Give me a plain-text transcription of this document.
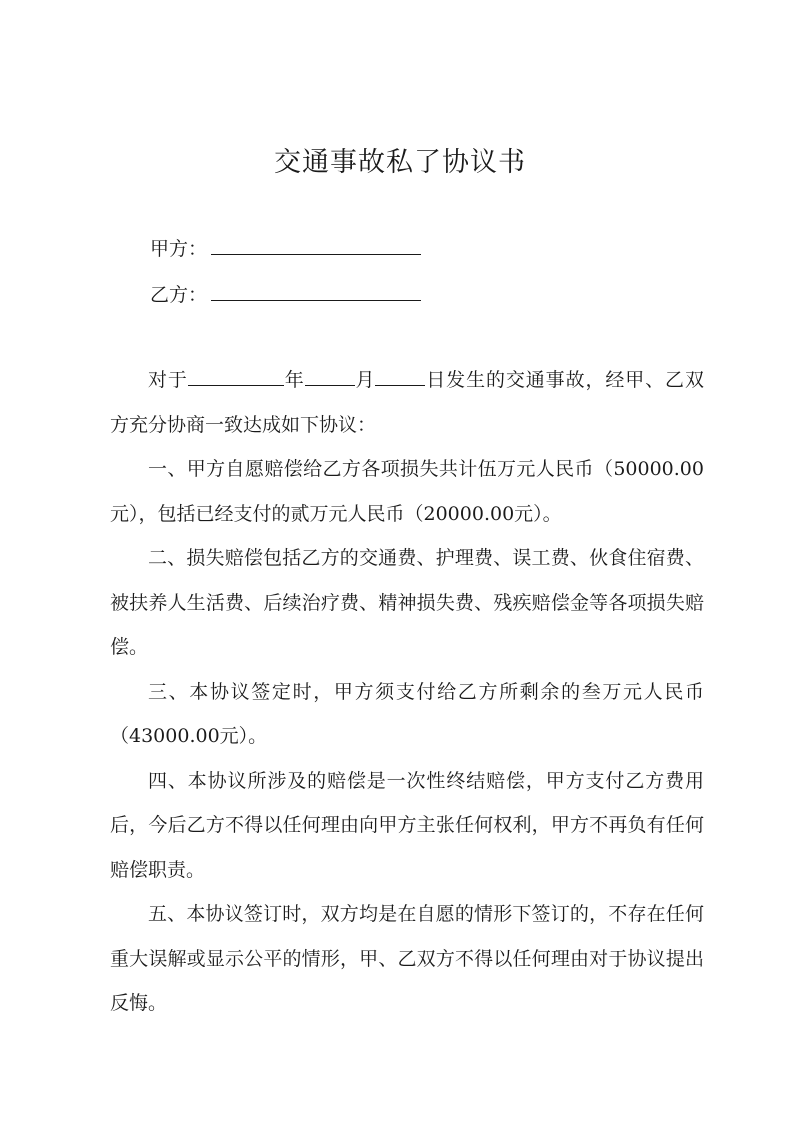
交通事故私了协议书
甲方：
乙方：

对于	年	月	日发生的交通事故，经甲、乙双方充分协商一致达成如下协议：

一、甲方自愿赔偿给乙方各项损失共计伍万元人民币（50000.00元），包括已经支付的贰万元人民币（20000.00元）。

二、损失赔偿包括乙方的交通费、护理费、误工费、伙食住宿费、被扶养人生活费、后续治疗费、精神损失费、残疾赔偿金等各项损失赔偿。

三、本协议签定时，甲方须支付给乙方所剩余的叁万元人民币（43000.00元）。

四、本协议所涉及的赔偿是一次性终结赔偿，甲方支付乙方费用后，今后乙方不得以任何理由向甲方主张任何权利，甲方不再负有任何赔偿职责。

五、本协议签订时，双方均是在自愿的情形下签订的，不存在任何重大误解或显示公平的情形，甲、乙双方不得以任何理由对于协议提出反悔。
